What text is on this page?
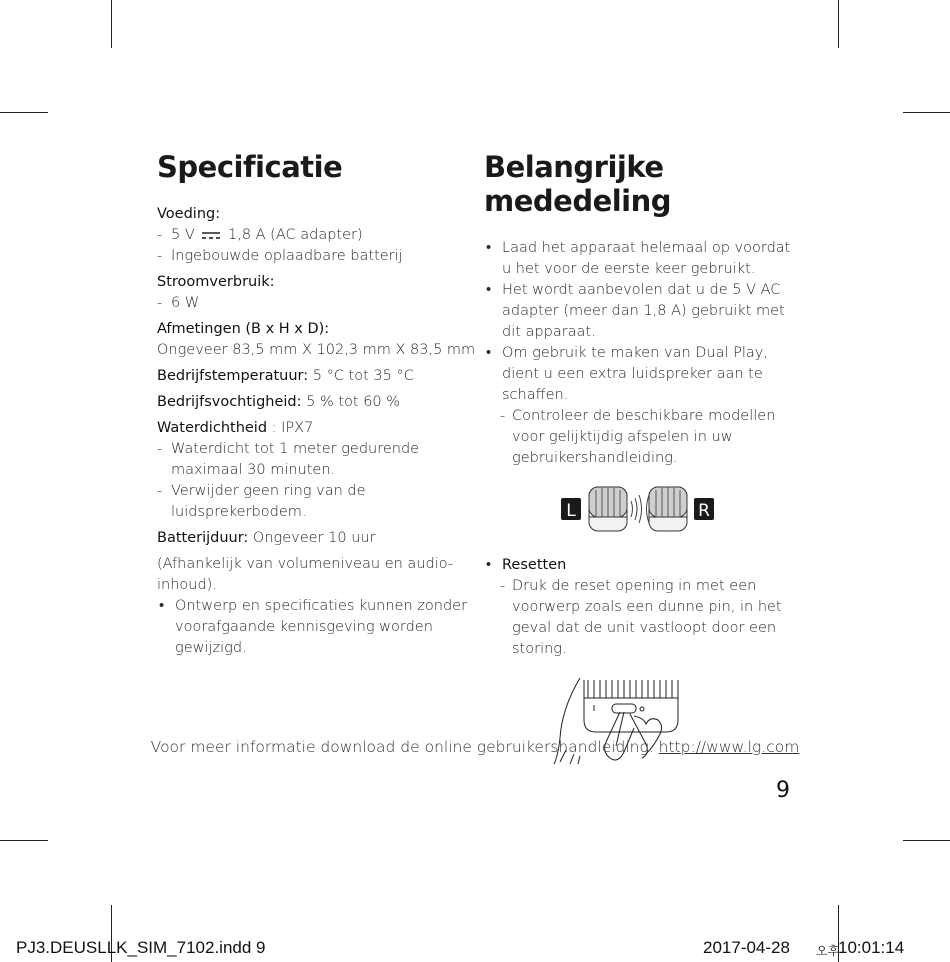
Specificatie
Voeding:
- 5 V 1,8 A (AC adapter)
- Ingebouwde oplaadbare batterij
Stroomverbruik:
- 6 W
Afmetingen (B x H x D):
Ongeveer 83,5 mm X 102,3 mm X 83,5 mm
Bedrijfstemperatuur: 5 °C tot 35 °C
Bedrijfsvochtigheid: 5 % tot 60 %
Waterdichtheid : IPX7
- Waterdicht tot 1 meter gedurende maximaal 30 minuten.
- Verwijder geen ring van de luidsprekerbodem.
Batterijduur: Ongeveer 10 uur
(Afhankelijk van volumeniveau en audio-inhoud).
• Ontwerp en specificaties kunnen zonder voorafgaande kennisgeving worden gewijzigd.
Belangrijke mededeling
• Laad het apparaat helemaal op voordat u het voor de eerste keer gebruikt.
• Het wordt aanbevolen dat u de 5 V AC adapter (meer dan 1,8 A) gebruikt met dit apparaat.
• Om gebruik te maken van Dual Play, dient u een extra luidspreker aan te schaffen.
- Controleer de beschikbare modellen voor gelijktijdig afspelen in uw gebruikershandleiding.
L	R
• Resetten
- Druk de reset opening in met een voorwerp zoals een dunne pin, in het geval dat de unit vastloopt door een storing.
Voor meer informatie download de online gebruikershandleiding. http://www.lg.com
9
PJ3.DEUSLLK_SIM_7102.indd 9	2017-04-28 오후
10:01:14
